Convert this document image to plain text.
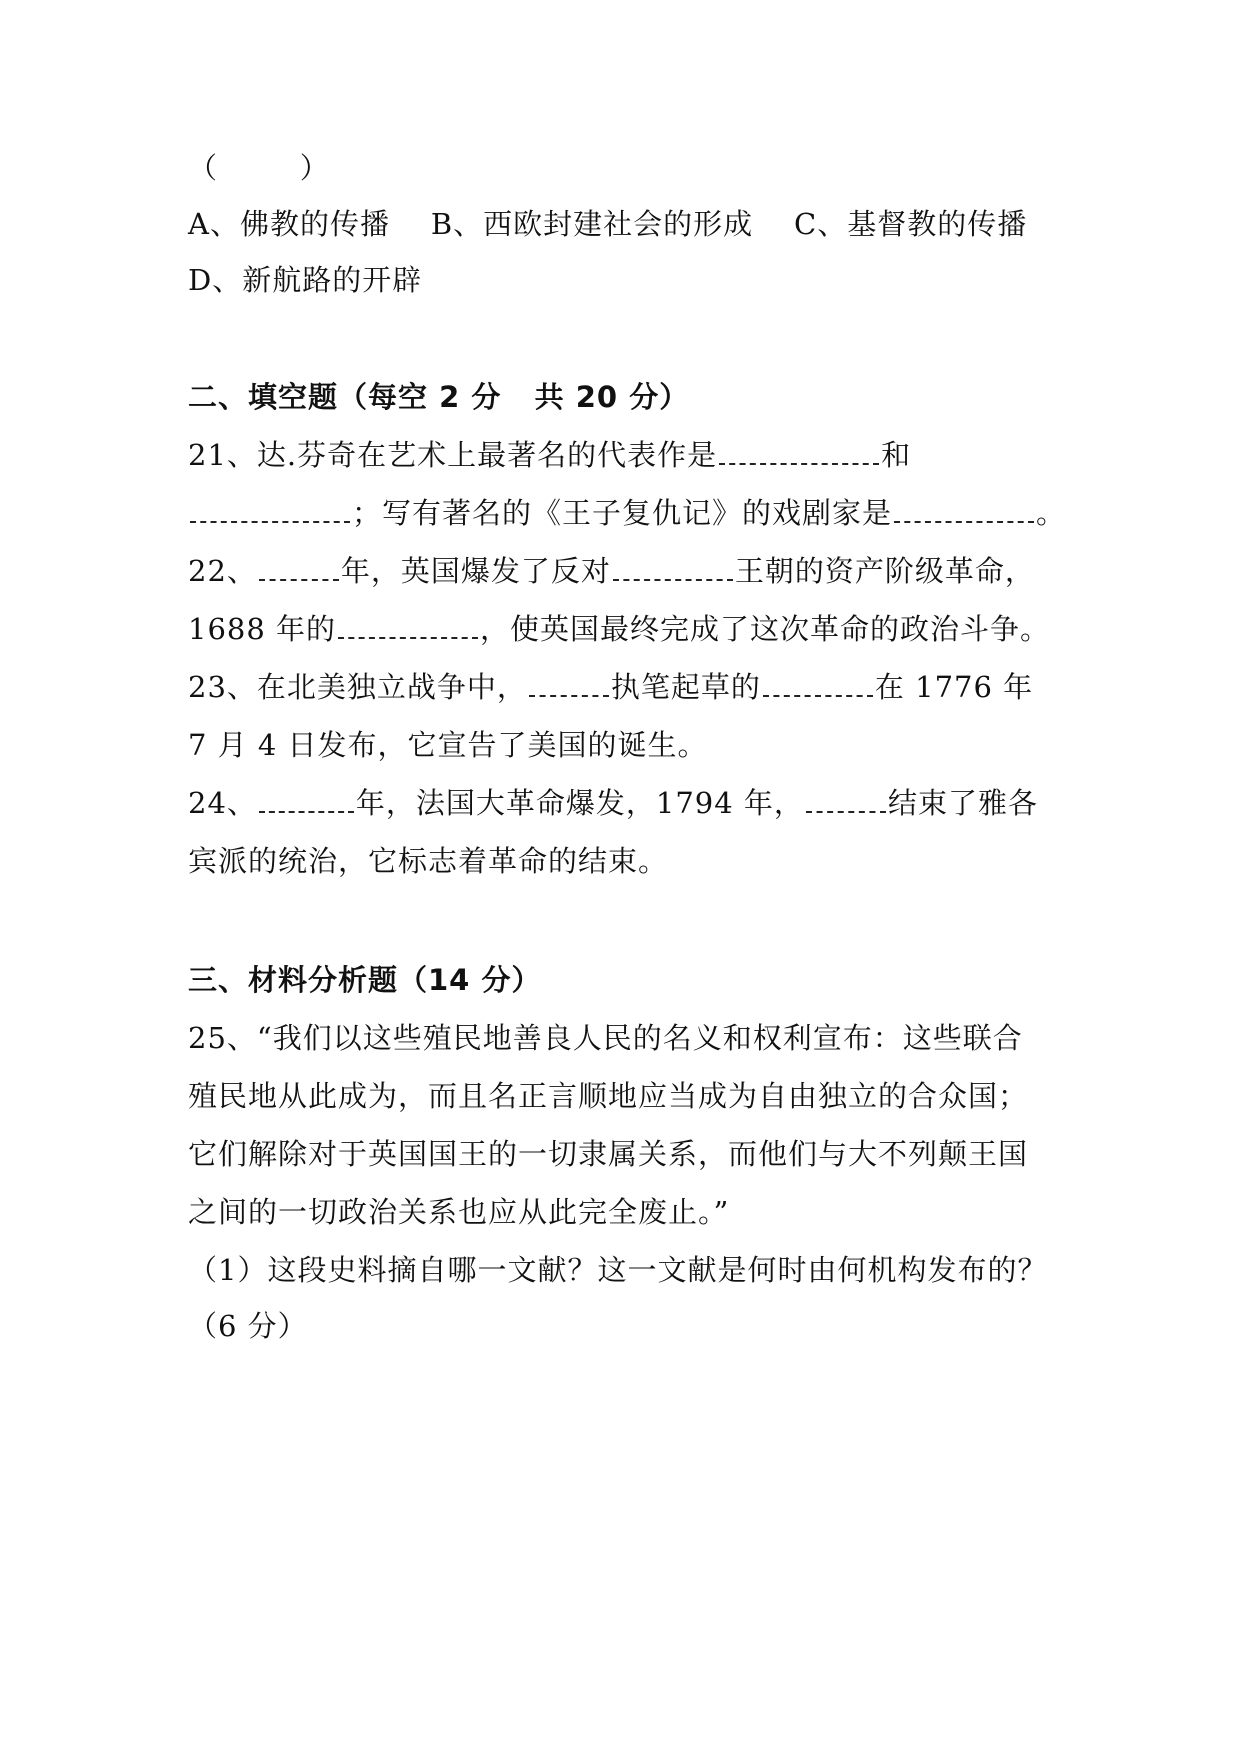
（        ）
A、佛教的传播    B、西欧封建社会的形成    C、基督教的传播
D、新航路的开辟
二、填空题（每空 2 分   共 20 分）
21、达.芬奇在艺术上最著名的代表作是	和
；写有著名的《王子复仇记》的戏剧家是	。
22、	年，英国爆发了反对	王朝的资产阶级革命，
1688 年的	，使英国最终完成了这次革命的政治斗争。
23、在北美独立战争中，	执笔起草的	在 1776 年
7 月 4 日发布，它宣告了美国的诞生。
24、	年，法国大革命爆发，1794 年，	结束了雅各
宾派的统治，它标志着革命的结束。
三、材料分析题（14 分）
25、“我们以这些殖民地善良人民的名义和权利宣布：这些联合
殖民地从此成为，而且名正言顺地应当成为自由独立的合众国；
它们解除对于英国国王的一切隶属关系，而他们与大不列颠王国
之间的一切政治关系也应从此完全废止。”
（1）这段史料摘自哪一文献？这一文献是何时由何机构发布的？
（6 分）
